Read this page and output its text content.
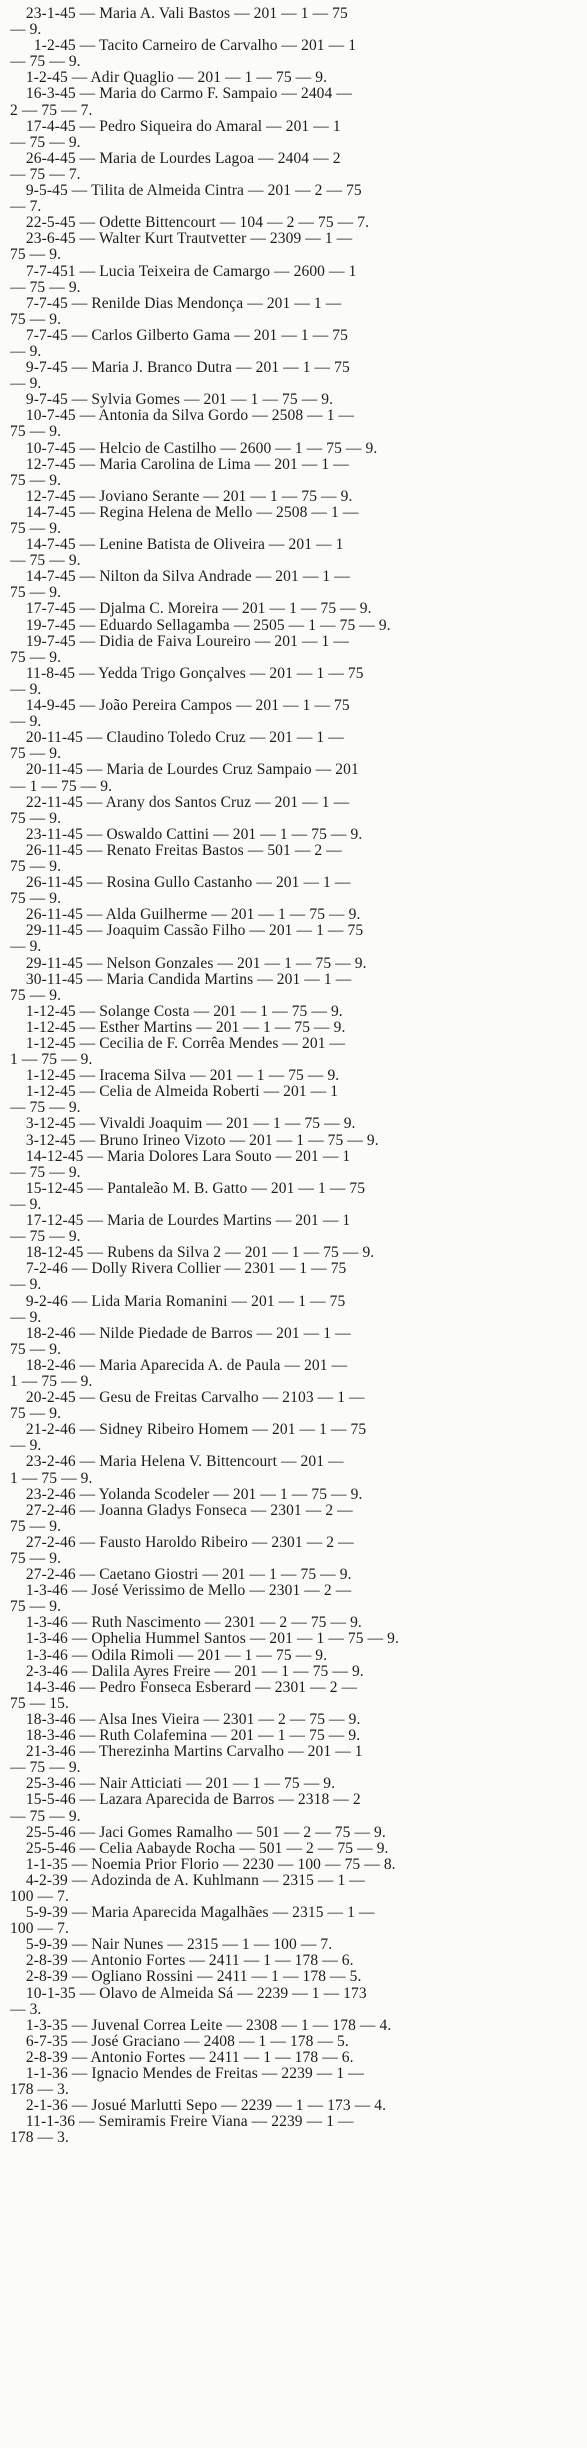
23-1-45 — Maria A. Vali Bastos — 201 — 1 — 75
— 9.
1-2-45 — Tacito Carneiro de Carvalho — 201 — 1
— 75 — 9.
1-2-45 — Adir Quaglio — 201 — 1 — 75 — 9.
16-3-45 — Maria do Carmo F. Sampaio — 2404 —
2 — 75 — 7.
17-4-45 — Pedro Siqueira do Amaral — 201 — 1
— 75 — 9.
26-4-45 — Maria de Lourdes Lagoa — 2404 — 2
— 75 — 7.
9-5-45 — Tilita de Almeida Cintra — 201 — 2 — 75
— 7.
22-5-45 — Odette Bittencourt — 104 — 2 — 75 — 7.
23-6-45 — Walter Kurt Trautvetter — 2309 — 1 —
75 — 9.
7-7-451 — Lucia Teixeira de Camargo — 2600 — 1
— 75 — 9.
7-7-45 — Renilde Dias Mendonça — 201 — 1 —
75 — 9.
7-7-45 — Carlos Gilberto Gama — 201 — 1 — 75
— 9.
9-7-45 — Maria J. Branco Dutra — 201 — 1 — 75
— 9.
9-7-45 — Sylvia Gomes — 201 — 1 — 75 — 9.
10-7-45 — Antonia da Silva Gordo — 2508 — 1 —
75 — 9.
10-7-45 — Helcio de Castilho — 2600 — 1 — 75 — 9.
12-7-45 — Maria Carolina de Lima — 201 — 1 —
75 — 9.
12-7-45 — Joviano Serante — 201 — 1 — 75 — 9.
14-7-45 — Regina Helena de Mello — 2508 — 1 —
75 — 9.
14-7-45 — Lenine Batista de Oliveira — 201 — 1
— 75 — 9.
14-7-45 — Nilton da Silva Andrade — 201 — 1 —
75 — 9.
17-7-45 — Djalma C. Moreira — 201 — 1 — 75 — 9.
19-7-45 — Eduardo Sellagamba — 2505 — 1 — 75 — 9.
19-7-45 — Didia de Faiva Loureiro — 201 — 1 —
75 — 9.
11-8-45 — Yedda Trigo Gonçalves — 201 — 1 — 75
— 9.
14-9-45 — João Pereira Campos — 201 — 1 — 75
— 9.
20-11-45 — Claudino Toledo Cruz — 201 — 1 —
75 — 9.
20-11-45 — Maria de Lourdes Cruz Sampaio — 201
— 1 — 75 — 9.
22-11-45 — Arany dos Santos Cruz — 201 — 1 —
75 — 9.
23-11-45 — Oswaldo Cattini — 201 — 1 — 75 — 9.
26-11-45 — Renato Freitas Bastos — 501 — 2 —
75 — 9.
26-11-45 — Rosina Gullo Castanho — 201 — 1 —
75 — 9.
26-11-45 — Alda Guilherme — 201 — 1 — 75 — 9.
29-11-45 — Joaquim Cassão Filho — 201 — 1 — 75
— 9.
29-11-45 — Nelson Gonzales — 201 — 1 — 75 — 9.
30-11-45 — Maria Candida Martins — 201 — 1 —
75 — 9.
1-12-45 — Solange Costa — 201 — 1 — 75 — 9.
1-12-45 — Esther Martins — 201 — 1 — 75 — 9.
1-12-45 — Cecilia de F. Corrêa Mendes — 201 —
1 — 75 — 9.
1-12-45 — Iracema Silva — 201 — 1 — 75 — 9.
1-12-45 — Celia de Almeida Roberti — 201 — 1
— 75 — 9.
3-12-45 — Vivaldi Joaquim — 201 — 1 — 75 — 9.
3-12-45 — Bruno Irineo Vizoto — 201 — 1 — 75 — 9.
14-12-45 — Maria Dolores Lara Souto — 201 — 1
— 75 — 9.
15-12-45 — Pantaleão M. B. Gatto — 201 — 1 — 75
— 9.
17-12-45 — Maria de Lourdes Martins — 201 — 1
— 75 — 9.
18-12-45 — Rubens da Silva 2 — 201 — 1 — 75 — 9.
7-2-46 — Dolly Rivera Collier — 2301 — 1 — 75
— 9.
9-2-46 — Lida Maria Romanini — 201 — 1 — 75
— 9.
18-2-46 — Nilde Piedade de Barros — 201 — 1 —
75 — 9.
18-2-46 — Maria Aparecida A. de Paula — 201 —
1 — 75 — 9.
20-2-45 — Gesu de Freitas Carvalho — 2103 — 1 —
75 — 9.
21-2-46 — Sidney Ribeiro Homem — 201 — 1 — 75
— 9.
23-2-46 — Maria Helena V. Bittencourt — 201 —
1 — 75 — 9.
23-2-46 — Yolanda Scodeler — 201 — 1 — 75 — 9.
27-2-46 — Joanna Gladys Fonseca — 2301 — 2 —
75 — 9.
27-2-46 — Fausto Haroldo Ribeiro — 2301 — 2 —
75 — 9.
27-2-46 — Caetano Giostri — 201 — 1 — 75 — 9.
1-3-46 — José Verissimo de Mello — 2301 — 2 —
75 — 9.
1-3-46 — Ruth Nascimento — 2301 — 2 — 75 — 9.
1-3-46 — Ophelia Hummel Santos — 201 — 1 — 75 — 9.
1-3-46 — Odila Rimoli — 201 — 1 — 75 — 9.
2-3-46 — Dalila Ayres Freire — 201 — 1 — 75 — 9.
14-3-46 — Pedro Fonseca Esberard — 2301 — 2 —
75 — 15.
18-3-46 — Alsa Ines Vieira — 2301 — 2 — 75 — 9.
18-3-46 — Ruth Colafemina — 201 — 1 — 75 — 9.
21-3-46 — Therezinha Martins Carvalho — 201 — 1
— 75 — 9.
25-3-46 — Nair Atticiati — 201 — 1 — 75 — 9.
15-5-46 — Lazara Aparecida de Barros — 2318 — 2
— 75 — 9.
25-5-46 — Jaci Gomes Ramalho — 501 — 2 — 75 — 9.
25-5-46 — Celia Aabayde Rocha — 501 — 2 — 75 — 9.
1-1-35 — Noemia Prior Florio — 2230 — 100 — 75 — 8.
4-2-39 — Adozinda de A. Kuhlmann — 2315 — 1 —
100 — 7.
5-9-39 — Maria Aparecida Magalhães — 2315 — 1 —
100 — 7.
5-9-39 — Nair Nunes — 2315 — 1 — 100 — 7.
2-8-39 — Antonio Fortes — 2411 — 1 — 178 — 6.
2-8-39 — Ogliano Rossini — 2411 — 1 — 178 — 5.
10-1-35 — Olavo de Almeida Sá — 2239 — 1 — 173
— 3.
1-3-35 — Juvenal Correa Leite — 2308 — 1 — 178 — 4.
6-7-35 — José Graciano — 2408 — 1 — 178 — 5.
2-8-39 — Antonio Fortes — 2411 — 1 — 178 — 6.
1-1-36 — Ignacio Mendes de Freitas — 2239 — 1 —
178 — 3.
2-1-36 — Josué Marlutti Sepo — 2239 — 1 — 173 — 4.
11-1-36 — Semiramis Freire Viana — 2239 — 1 —
178 — 3.
